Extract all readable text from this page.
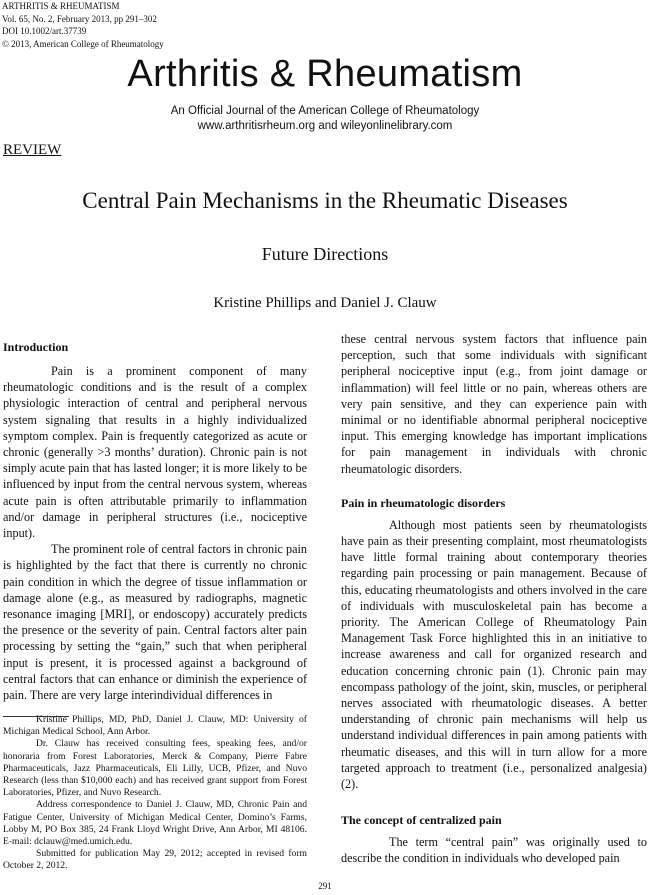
ARTHRITIS & RHEUMATISM
Vol. 65, No. 2, February 2013, pp 291–302
DOI 10.1002/art.37739
© 2013, American College of Rheumatology
Arthritis & Rheumatism
An Official Journal of the American College of Rheumatology
www.arthritisrheum.org and wileyonlinelibrary.com
REVIEW
Central Pain Mechanisms in the Rheumatic Diseases
Future Directions
Kristine Phillips and Daniel J. Clauw
Introduction

Pain is a prominent component of many rheumatologic conditions and is the result of a complex physiologic interaction of central and peripheral nervous system signaling that results in a highly individualized symptom complex. Pain is frequently categorized as acute or chronic (generally >3 months’ duration). Chronic pain is not simply acute pain that has lasted longer; it is more likely to be influenced by input from the central nervous system, whereas acute pain is often attributable primarily to inflammation and/or damage in peripheral structures (i.e., nociceptive input).

The prominent role of central factors in chronic pain is highlighted by the fact that there is currently no chronic pain condition in which the degree of tissue inflammation or damage alone (e.g., as measured by radiographs, magnetic resonance imaging [MRI], or endoscopy) accurately predicts the presence or the severity of pain. Central factors alter pain processing by setting the “gain,” such that when peripheral input is present, it is processed against a background of central factors that can enhance or diminish the experience of pain. There are very large interindividual differences in

Kristine Phillips, MD, PhD, Daniel J. Clauw, MD: University of Michigan Medical School, Ann Arbor.

Dr. Clauw has received consulting fees, speaking fees, and/or honoraria from Forest Laboratories, Merck & Company, Pierre Fabre Pharmaceuticals, Jazz Pharmaceuticals, Eli Lilly, UCB, Pfizer, and Nuvo Research (less than $10,000 each) and has received grant support from Forest Laboratories, Pfizer, and Nuvo Research.

Address correspondence to Daniel J. Clauw, MD, Chronic Pain and Fatigue Center, University of Michigan Medical Center, Domino’s Farms, Lobby M, PO Box 385, 24 Frank Lloyd Wright Drive, Ann Arbor, MI 48106. E-mail: dclauw@med.umich.edu.

Submitted for publication May 29, 2012; accepted in revised form October 2, 2012.

these central nervous system factors that influence pain perception, such that some individuals with significant peripheral nociceptive input (e.g., from joint damage or inflammation) will feel little or no pain, whereas others are very pain sensitive, and they can experience pain with minimal or no identifiable abnormal peripheral nociceptive input. This emerging knowledge has important implications for pain management in individuals with chronic rheumatologic disorders.

Pain in rheumatologic disorders

Although most patients seen by rheumatologists have pain as their presenting complaint, most rheumatologists have little formal training about contemporary theories regarding pain processing or pain management. Because of this, educating rheumatologists and others involved in the care of individuals with musculoskeletal pain has become a priority. The American College of Rheumatology Pain Management Task Force highlighted this in an initiative to increase awareness and call for organized research and education concerning chronic pain (1). Chronic pain may encompass pathology of the joint, skin, muscles, or peripheral nerves associated with rheumatologic diseases. A better understanding of chronic pain mechanisms will help us understand individual differences in pain among patients with rheumatic diseases, and this will in turn allow for a more targeted approach to treatment (i.e., personalized analgesia) (2).

The concept of centralized pain

The term “central pain” was originally used to describe the condition in individuals who developed pain

291
